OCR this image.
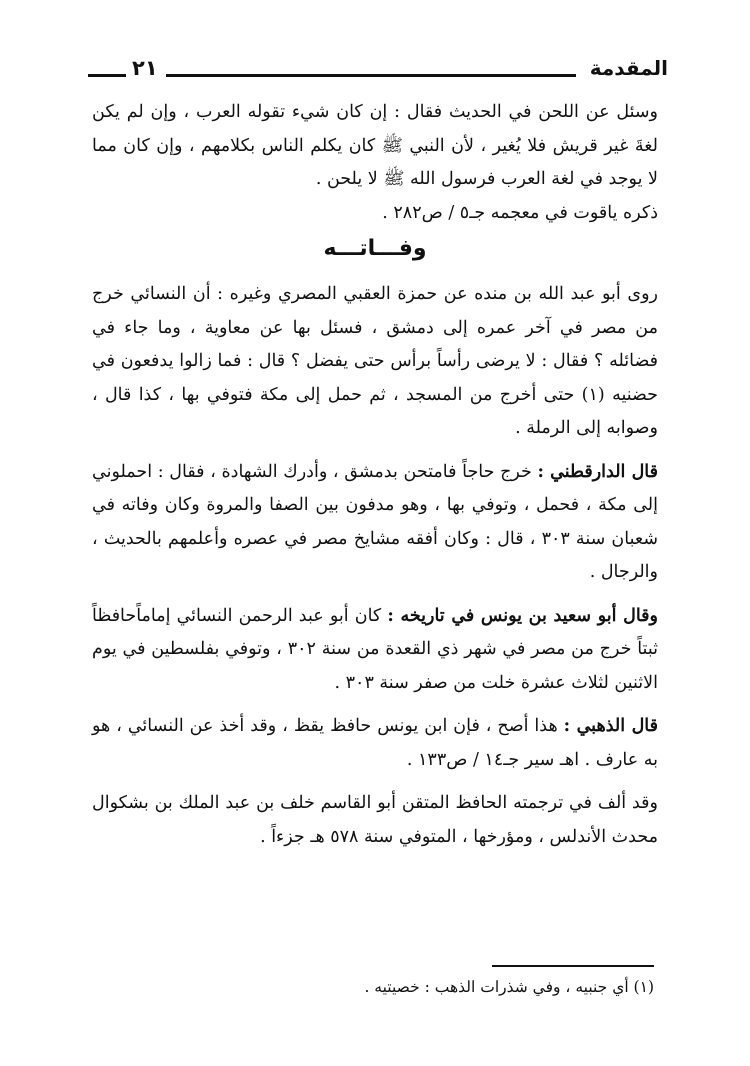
٢١	المقدمة

وسئل عن اللحن في الحديث فقال : إن كان شيء تقوله العرب ، وإن لم يكن لغةَ غير قريش فلا يُغير ، لأن النبي ﷺ كان يكلم الناس بكلامهم ، وإن كان مما لا يوجد في لغة العرب فرسول الله ﷺ لا يلحن .

ذكره ياقوت في معجمه جـ٥ / ص٢٨٢ .

وفـــاتـــه

روى أبو عبد الله بن منده عن حمزة العقبي المصري وغيره : أن النسائي خرج من مصر في آخر عمره إلى دمشق ، فسئل بها عن معاوية ، وما جاء في فضائله ؟ فقال : لا يرضى رأساً برأس حتى يفضل ؟ قال : فما زالوا يدفعون في حضنيه (١) حتى أخرج من المسجد ، ثم حمل إلى مكة فتوفي بها ، كذا قال ، وصوابه إلى الرملة .

قال الدارقطني : خرج حاجاً فامتحن بدمشق ، وأدرك الشهادة ، فقال : احملوني إلى مكة ، فحمل ، وتوفي بها ، وهو مدفون بين الصفا والمروة وكان وفاته في شعبان سنة ٣٠٣ ، قال : وكان أفقه مشايخ مصر في عصره وأعلمهم بالحديث ، والرجال .

وقال أبو سعيد بن يونس في تاريخه : كان أبو عبد الرحمن النسائي إماماًحافظاً ثبتاً خرج من مصر في شهر ذي القعدة من سنة ٣٠٢ ، وتوفي بفلسطين في يوم الاثنين لثلاث عشرة خلت من صفر سنة ٣٠٣ .

قال الذهبي : هذا أصح ، فإن ابن يونس حافظ يقظ ، وقد أخذ عن النسائي ، هو به عارف . اهـ سير جـ١٤ / ص١٣٣ .

وقد ألف في ترجمته الحافظ المتقن أبو القاسم خلف بن عبد الملك بن بشكوال محدث الأندلس ، ومؤرخها ، المتوفي سنة ٥٧٨ هـ جزءاً .

(١) أي جنبيه ، وفي شذرات الذهب : خصيتيه .
